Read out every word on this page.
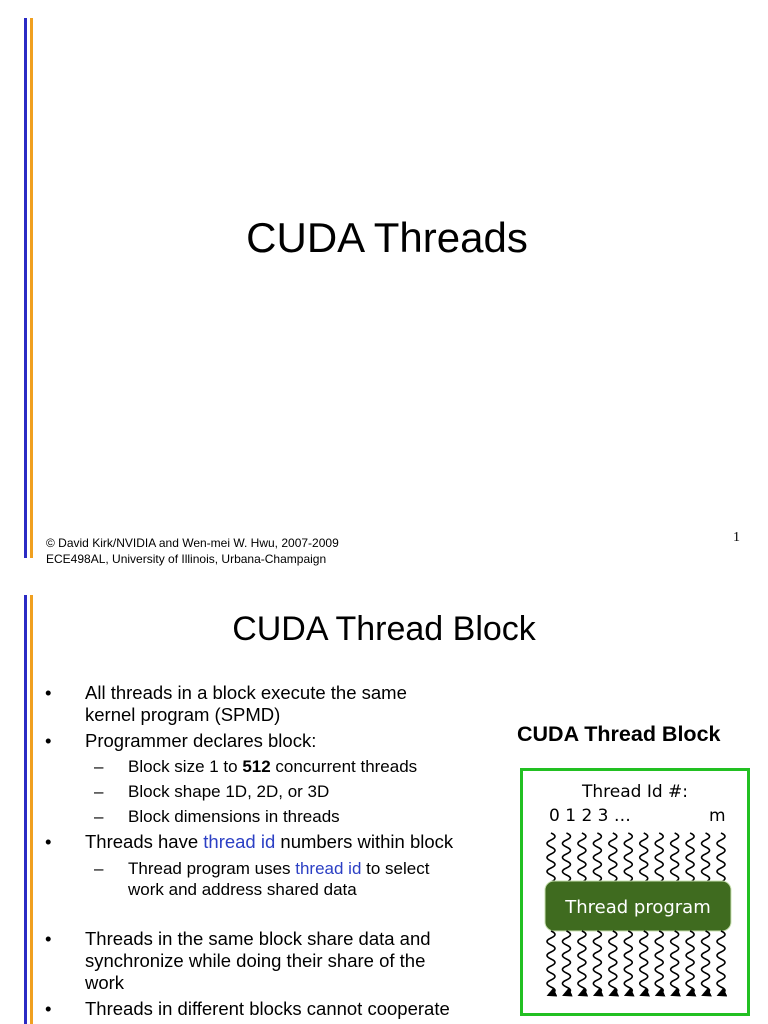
CUDA Threads
© David Kirk/NVIDIA and Wen-mei W. Hwu, 2007-2009
ECE498AL, University of Illinois, Urbana-Champaign
1
CUDA Thread Block
• All threads in a block execute the same
kernel program (SPMD)
• Programmer declares block:
– Block size 1 to 512 concurrent threads
– Block shape 1D, 2D, or 3D
– Block dimensions in threads
• Threads have thread id numbers within block
– Thread program uses thread id to select
work and address shared data
• Threads in the same block share data and
synchronize while doing their share of the
work
• Threads in different blocks cannot cooperate
CUDA Thread Block
Thread Id #:
0 1 2 3 …	m
Thread program
